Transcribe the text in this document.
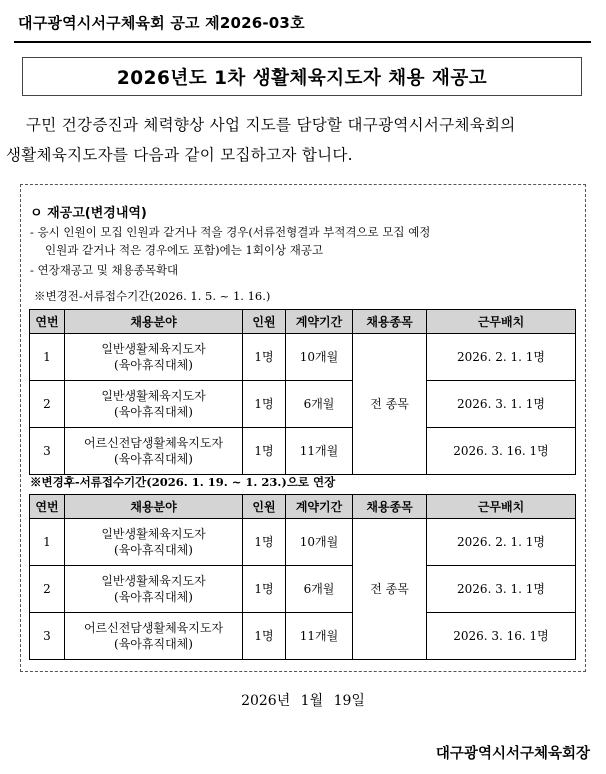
대구광역시서구체육회 공고 제2026-03호
2026년도 1차 생활체육지도자 채용 재공고
구민 건강증진과 체력향상 사업 지도를 담당할 대구광역시서구체육회의
생활체육지도자를 다음과 같이 모집하고자 합니다.
ㅇ 재공고(변경내역)
- 응시 인원이 모집 인원과 같거나 적을 경우(서류전형결과 부적격으로 모집 예정
인원과 같거나 적은 경우에도 포함)에는 1회이상 재공고
- 연장재공고 및 채용종목확대
※변경전-서류접수기간(2026. 1. 5. ~ 1. 16.)
연번	채용분야	인원	계약기간	채용종목	근무배치
1	일반생활체육지도자
(육아휴직대체)	1명	10개월	전 종목	2026. 2. 1. 1명
2	일반생활체육지도자
(육아휴직대체)	1명	6개월		2026. 3. 1. 1명
3	어르신전담생활체육지도자
(육아휴직대체)	1명	11개월		2026. 3. 16. 1명
※변경후-서류접수기간(2026. 1. 19. ~ 1. 23.)으로 연장
연번	채용분야	인원	계약기간	채용종목	근무배치
1	일반생활체육지도자
(육아휴직대체)	1명	10개월	전 종목	2026. 2. 1. 1명
2	일반생활체육지도자
(육아휴직대체)	1명	6개월		2026. 3. 1. 1명
3	어르신전담생활체육지도자
(육아휴직대체)	1명	11개월		2026. 3. 16. 1명
2026년 1월 19일
대구광역시서구체육회장
